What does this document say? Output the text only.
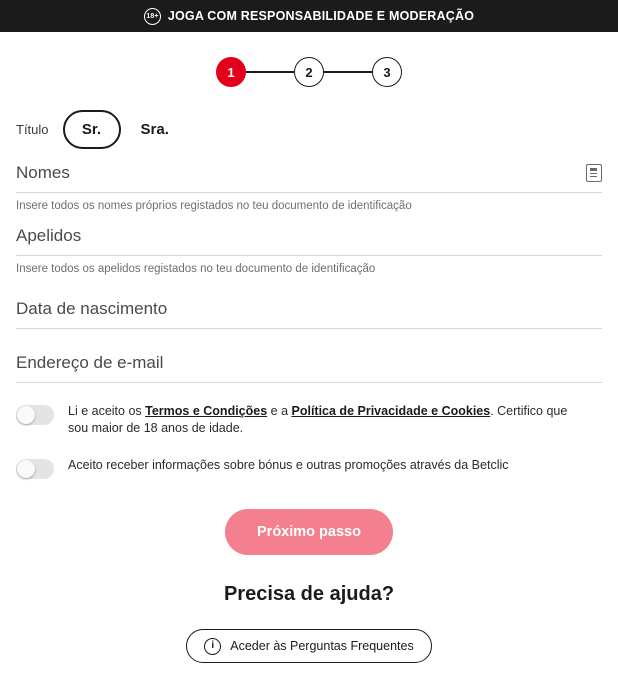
18+ JOGA COM RESPONSABILIDADE E MODERAÇÃO
1	2	3
Título	Sr.	Sra.
Nomes
Insere todos os nomes próprios registados no teu documento de identificação
Apelidos
Insere todos os apelidos registados no teu documento de identificação
Data de nascimento
Endereço de e-mail
Li e aceito os Termos e Condições e a Política de Privacidade e Cookies. Certifico que sou maior de 18 anos de idade.
Aceito receber informações sobre bónus e outras promoções através da Betclic
Próximo passo
Precisa de ajuda?
i	Aceder às Perguntas Frequentes
